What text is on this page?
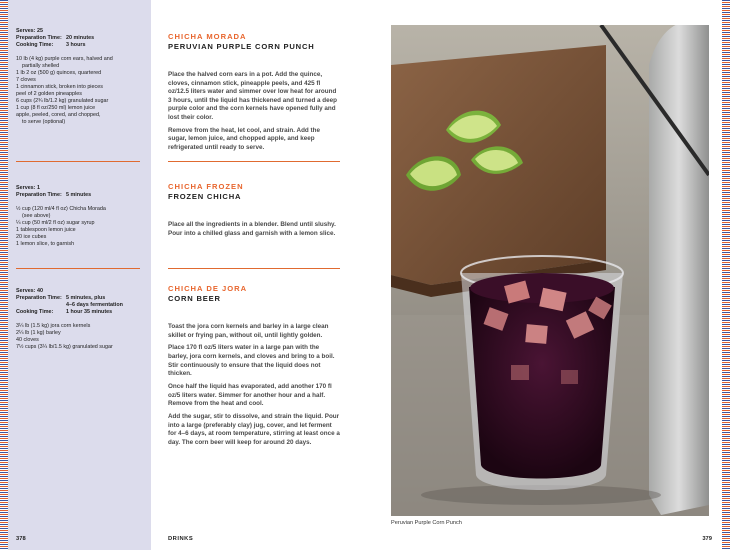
Serves: 25
Preparation Time: 20 minutes
Cooking Time:	3 hours
10 lb (4 kg) purple corn ears, halved and
partially shelled
1 lb 2 oz (500 g) quinces, quartered
7 cloves
1 cinnamon stick, broken into pieces
peel of 2 golden pineapples
6 cups (2¾ lb/1.2 kg) granulated sugar
1 cup (8 fl oz/250 ml) lemon juice
apple, peeled, cored, and chopped,
to serve (optional)
Serves: 1
Preparation Time: 5 minutes
½ cup (120 ml/4 fl oz) Chicha Morada
(see above)
¼ cup (50 ml/2 fl oz) sugar syrup
1 tablespoon lemon juice
20 ice cubes
1 lemon slice, to garnish
Serves: 40
Preparation Time: 5 minutes, plus
4–6 days fermentation
Cooking Time:	1 hour 35 minutes
3¼ lb (1.5 kg) jora corn kernels
2¼ lb (1 kg) barley
40 cloves
7½ cups (3¼ lb/1.5 kg) granulated sugar
CHICHA MORADA
PERUVIAN PURPLE CORN PUNCH

Place the halved corn ears in a pot. Add the quince, cloves, cinnamon stick, pineapple peels, and 425 fl oz/12.5 liters water and simmer over low heat for around 3 hours, until the liquid has thickened and turned a deep purple color and the corn kernels have opened fully and lost their color.

Remove from the heat, let cool, and strain. Add the sugar, lemon juice, and chopped apple, and keep refrigerated until ready to serve.

CHICHA FROZEN
FROZEN CHICHA

Place all the ingredients in a blender. Blend until slushy. Pour into a chilled glass and garnish with a lemon slice.

CHICHA DE JORA
CORN BEER

Toast the jora corn kernels and barley in a large clean skillet or frying pan, without oil, until lightly golden.

Place 170 fl oz/5 liters water in a large pan with the barley, jora corn kernels, and cloves and bring to a boil. Stir continuously to ensure that the liquid does not thicken.

Once half the liquid has evaporated, add another 170 fl oz/5 liters water. Simmer for another hour and a half. Remove from the heat and cool.

Add the sugar, stir to dissolve, and strain the liquid. Pour into a large (preferably clay) jug, cover, and let ferment for 4–6 days, at room temperature, stirring at least once a day. The corn beer will keep for around 20 days.

Peruvian Purple Corn Punch
378	DRINKS	379
